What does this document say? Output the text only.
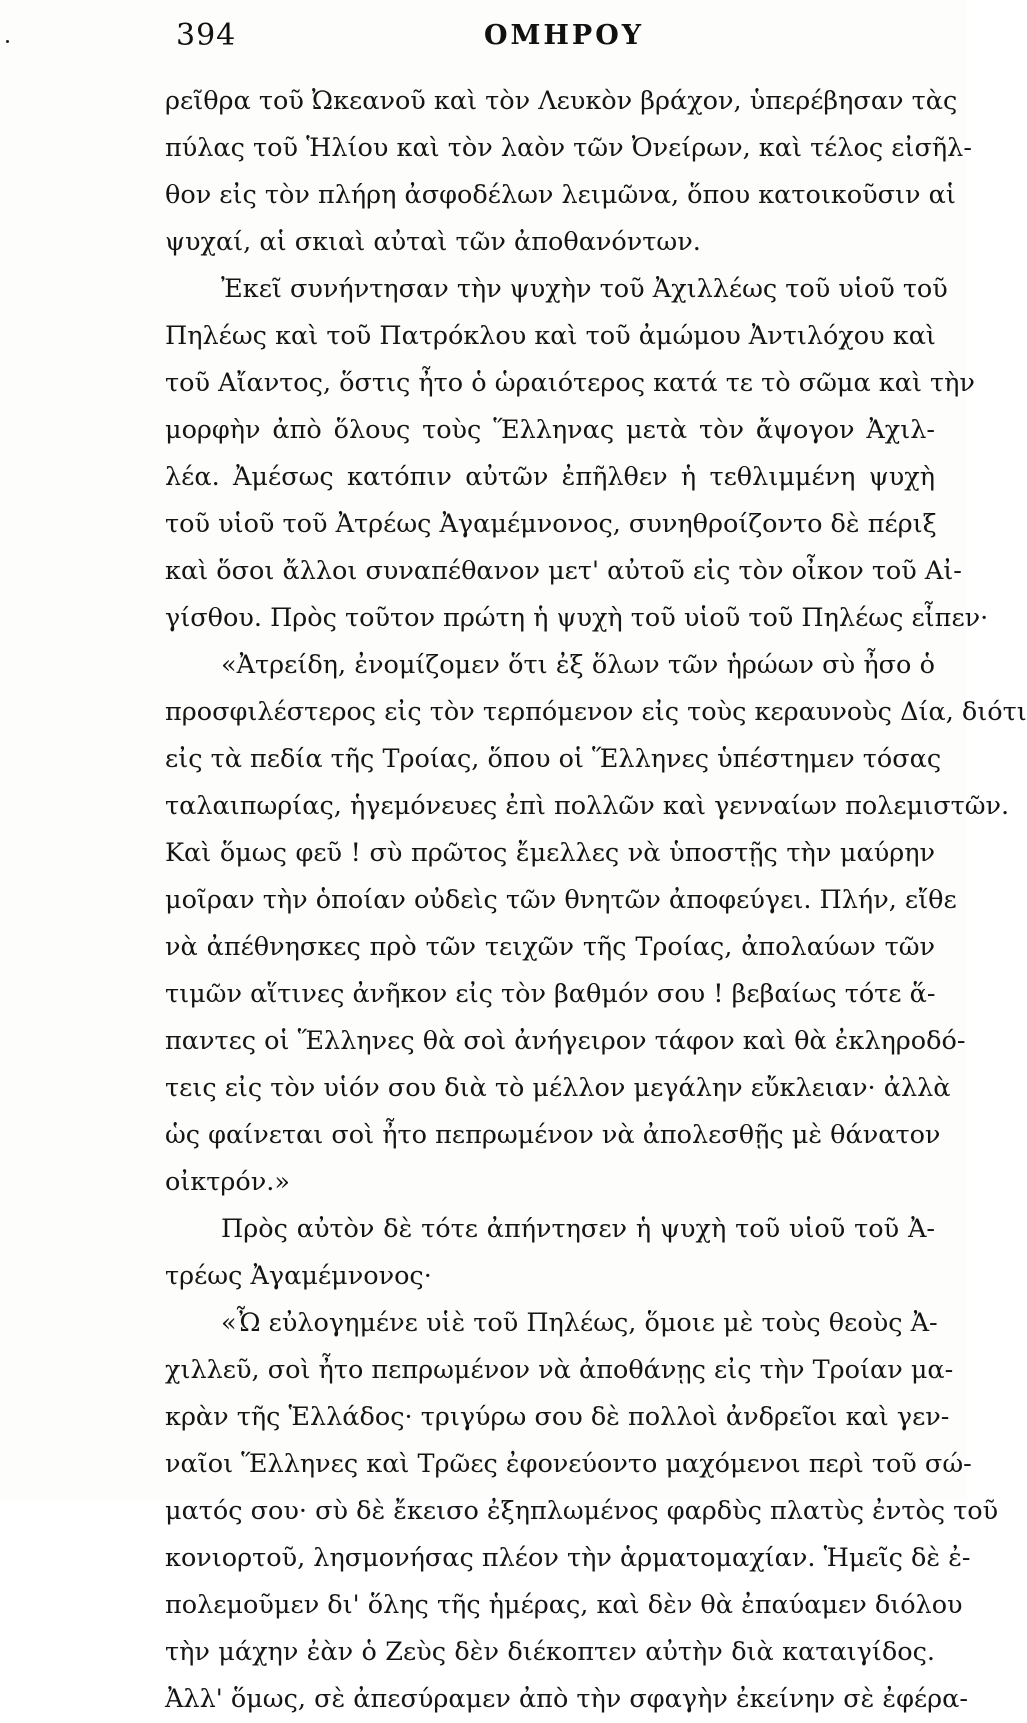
394	ΟΜΗΡΟΥ
ρεῖθρα τοῦ Ὠκεανοῦ καὶ τὸν Λευκὸν βράχον, ὑπερέβησαν τὰς
πύλας τοῦ Ἡλίου καὶ τὸν λαὸν τῶν Ὀνείρων, καὶ τέλος εἰσῆλ-
θον εἰς τὸν πλήρη ἀσφοδέλων λειμῶνα, ὅπου κατοικοῦσιν αἱ
ψυχαί, αἱ σκιαὶ αὐταὶ τῶν ἀποθανόντων.
Ἐκεῖ συνήντησαν τὴν ψυχὴν τοῦ Ἀχιλλέως τοῦ υἱοῦ τοῦ
Πηλέως καὶ τοῦ Πατρόκλου καὶ τοῦ ἀμώμου Ἀντιλόχου καὶ
τοῦ Αἴαντος, ὅστις ἦτο ὁ ὡραιότερος κατά τε τὸ σῶμα καὶ τὴν
μορφὴν ἀπὸ ὅλους τοὺς Ἕλληνας μετὰ τὸν ἄψογον Ἀχιλ-
λέα. Ἀμέσως κατόπιν αὐτῶν ἐπῆλθεν ἡ τεθλιμμένη ψυχὴ
τοῦ υἱοῦ τοῦ Ἀτρέως Ἀγαμέμνονος, συνηθροίζοντο δὲ πέριξ
καὶ ὅσοι ἄλλοι συναπέθανον μετ' αὐτοῦ εἰς τὸν οἶκον τοῦ Αἰ-
γίσθου. Πρὸς τοῦτον πρώτη ἡ ψυχὴ τοῦ υἱοῦ τοῦ Πηλέως εἶπεν·
«Ἀτρείδη, ἐνομίζομεν ὅτι ἐξ ὅλων τῶν ἡρώων σὺ ἦσο ὁ
προσφιλέστερος εἰς τὸν τερπόμενον εἰς τοὺς κεραυνοὺς Δία, διότι
εἰς τὰ πεδία τῆς Τροίας, ὅπου οἱ Ἕλληνες ὑπέστημεν τόσας
ταλαιπωρίας, ἡγεμόνευες ἐπὶ πολλῶν καὶ γενναίων πολεμιστῶν.
Καὶ ὅμως φεῦ ! σὺ πρῶτος ἔμελλες νὰ ὑποστῇς τὴν μαύρην
μοῖραν τὴν ὁποίαν οὐδεὶς τῶν θνητῶν ἀποφεύγει. Πλήν, εἴθε
νὰ ἀπέθνησκες πρὸ τῶν τειχῶν τῆς Τροίας, ἀπολαύων τῶν
τιμῶν αἵτινες ἀνῆκον εἰς τὸν βαθμόν σου ! βεβαίως τότε ἅ-
παντες οἱ Ἕλληνες θὰ σοὶ ἀνήγειρον τάφον καὶ θὰ ἐκληροδό-
τεις εἰς τὸν υἱόν σου διὰ τὸ μέλλον μεγάλην εὔκλειαν· ἀλλὰ
ὡς φαίνεται σοὶ ἦτο πεπρωμένον νὰ ἀπολεσθῇς μὲ θάνατον
οἰκτρόν.»
Πρὸς αὐτὸν δὲ τότε ἀπήντησεν ἡ ψυχὴ τοῦ υἱοῦ τοῦ Ἀ-
τρέως Ἀγαμέμνονος·
«Ὦ εὐλογημένε υἱὲ τοῦ Πηλέως, ὅμοιε μὲ τοὺς θεοὺς Ἀ-
χιλλεῦ, σοὶ ἦτο πεπρωμένον νὰ ἀποθάνῃς εἰς τὴν Τροίαν μα-
κρὰν τῆς Ἑλλάδος· τριγύρω σου δὲ πολλοὶ ἀνδρεῖοι καὶ γεν-
ναῖοι Ἕλληνες καὶ Τρῶες ἐφονεύοντο μαχόμενοι περὶ τοῦ σώ-
ματός σου· σὺ δὲ ἔκεισο ἐξηπλωμένος φαρδὺς πλατὺς ἐντὸς τοῦ
κονιορτοῦ, λησμονήσας πλέον τὴν ἁρματομαχίαν. Ἡμεῖς δὲ ἐ-
πολεμοῦμεν δι' ὅλης τῆς ἡμέρας, καὶ δὲν θὰ ἐπαύαμεν διόλου
τὴν μάχην ἐὰν ὁ Ζεὺς δὲν διέκοπτεν αὐτὴν διὰ καταιγίδος.
Ἀλλ' ὅμως, σὲ ἀπεσύραμεν ἀπὸ τὴν σφαγὴν ἐκείνην σὲ ἐφέρα-
